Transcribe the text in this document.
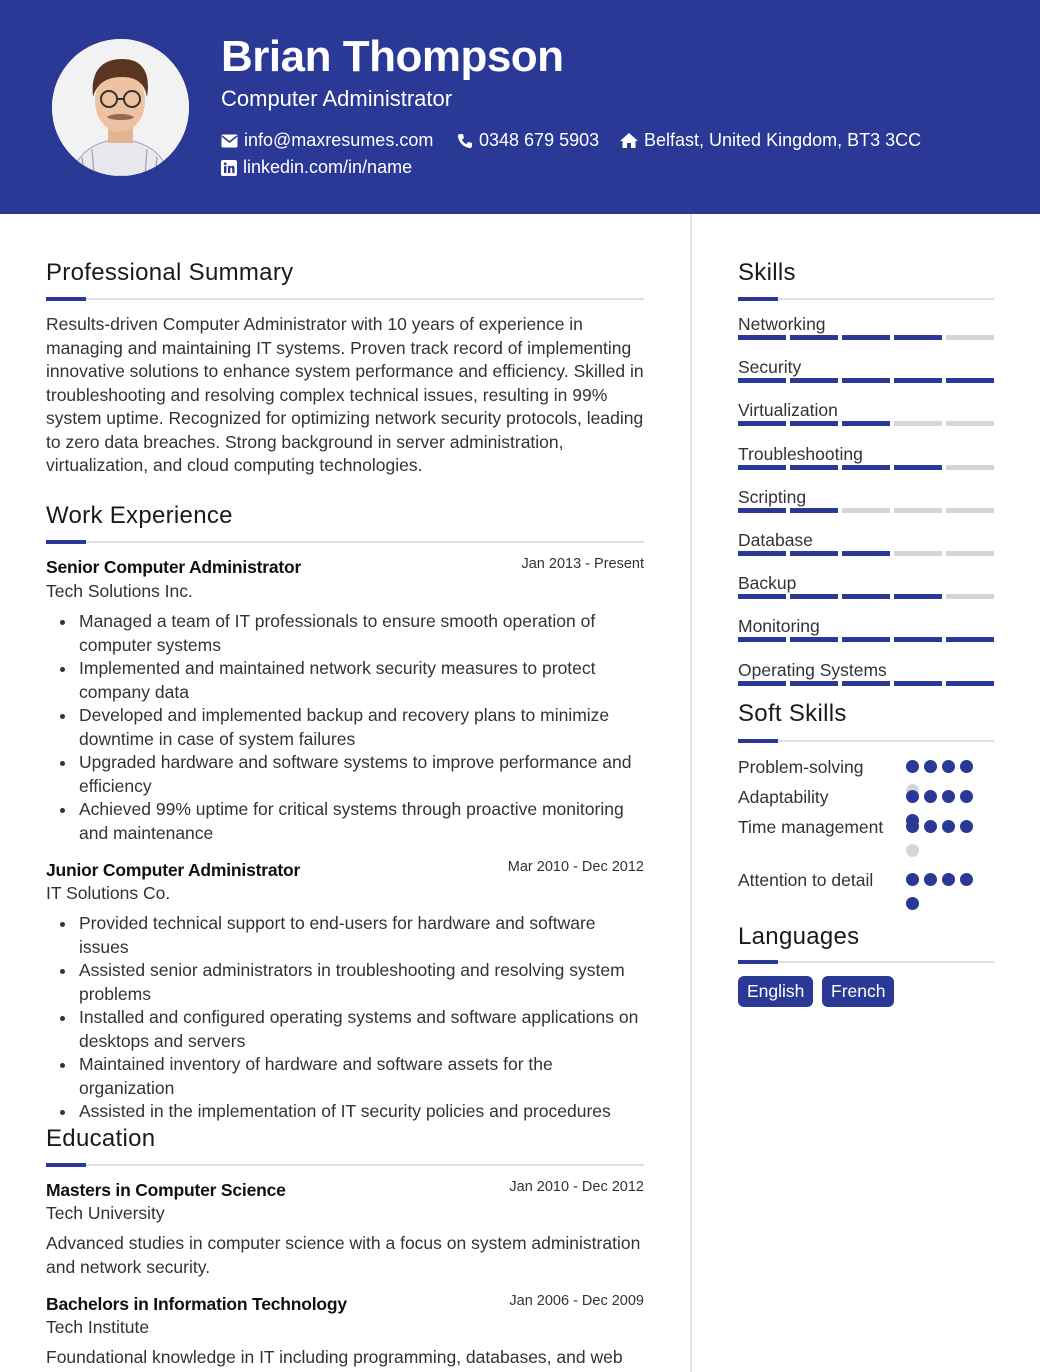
Brian Thompson
Computer Administrator
info@maxresumes.com	0348 679 5903 Belfast, United Kingdom, BT3 3CC
linkedin.com/in/name
Professional Summary
Results-driven Computer Administrator with 10 years of experience in managing and maintaining IT systems. Proven track record of implementing innovative solutions to enhance system performance and efficiency. Skilled in troubleshooting and resolving complex technical issues, resulting in 99% system uptime. Recognized for optimizing network security protocols, leading to zero data breaches. Strong background in server administration, virtualization, and cloud computing technologies.
Work Experience
Senior Computer Administrator	Jan 2013 - Present
Tech Solutions Inc.
Managed a team of IT professionals to ensure smooth operation of computer systems
Implemented and maintained network security measures to protect company data
Developed and implemented backup and recovery plans to minimize downtime in case of system failures
Upgraded hardware and software systems to improve performance and efficiency
Achieved 99% uptime for critical systems through proactive monitoring and maintenance
Junior Computer Administrator	Mar 2010 - Dec 2012
IT Solutions Co.
Provided technical support to end-users for hardware and software issues
Assisted senior administrators in troubleshooting and resolving system problems
Installed and configured operating systems and software applications on desktops and servers
Maintained inventory of hardware and software assets for the organization
Assisted in the implementation of IT security policies and procedures
Education
Masters in Computer Science	Jan 2010 - Dec 2012
Tech University
Advanced studies in computer science with a focus on system administration and network security.
Bachelors in Information Technology	Jan 2006 - Dec 2009
Tech Institute
Foundational knowledge in IT including programming, databases, and web
Skills
Networking
Security
Virtualization
Troubleshooting
Scripting
Database
Backup
Monitoring
Operating Systems
Soft Skills
Problem-solving
Adaptability
Time management
Attention to detail
Languages
English	French
